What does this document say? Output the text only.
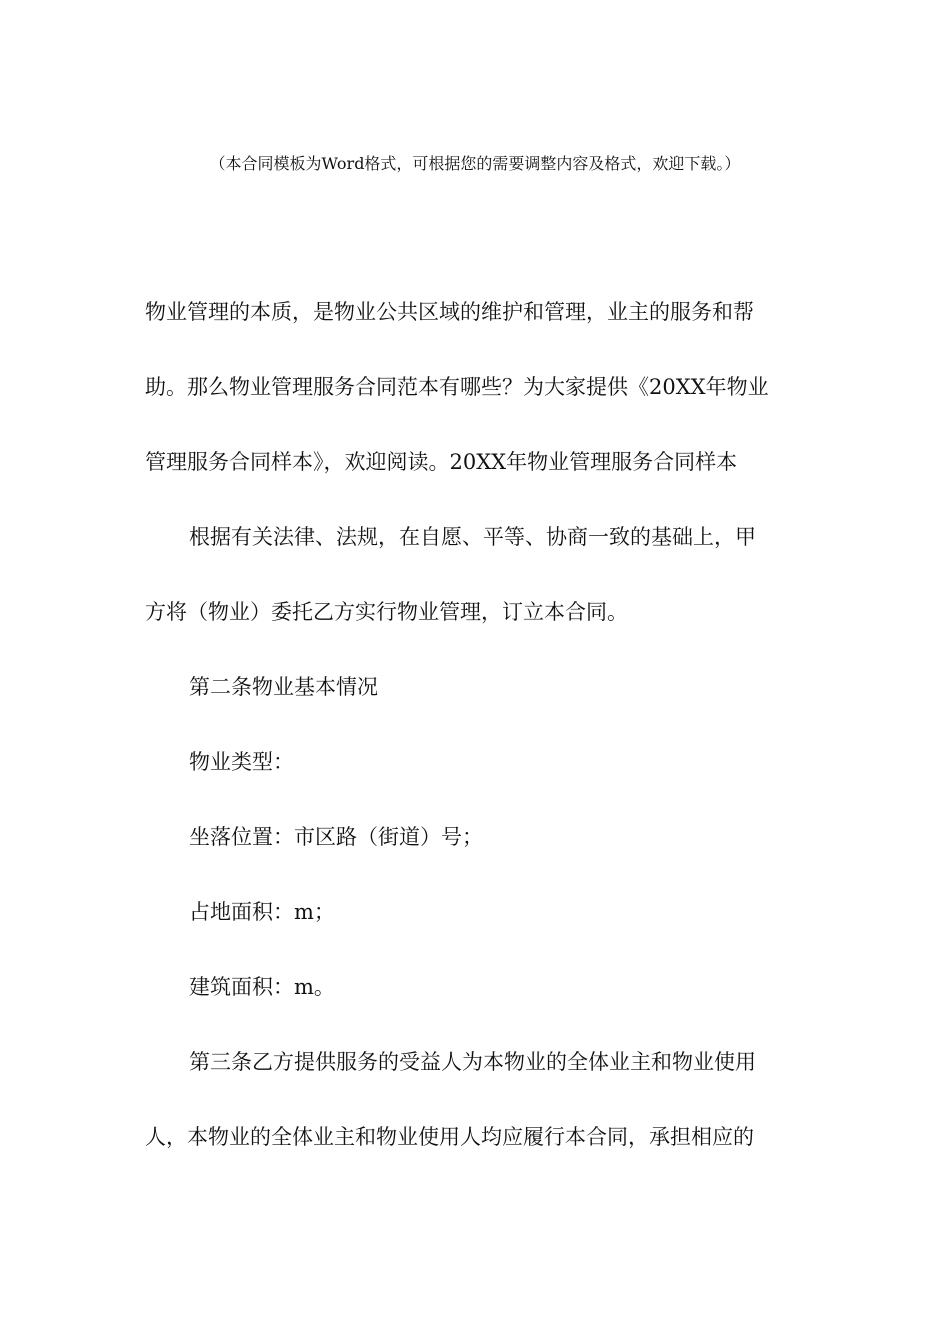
（本合同模板为Word格式，可根据您的需要调整内容及格式，欢迎下载。）
物业管理的本质，是物业公共区域的维护和管理，业主的服务和帮
助。那么物业管理服务合同范本有哪些？为大家提供《20XX年物业
管理服务合同样本》，欢迎阅读。20XX年物业管理服务合同样本
根据有关法律、法规，在自愿、平等、协商一致的基础上，甲
方将（物业）委托乙方实行物业管理，订立本合同。
第二条物业基本情况
物业类型：
坐落位置：市区路（街道）号；
占地面积：m；
建筑面积：m。
第三条乙方提供服务的受益人为本物业的全体业主和物业使用
人，本物业的全体业主和物业使用人均应履行本合同，承担相应的
